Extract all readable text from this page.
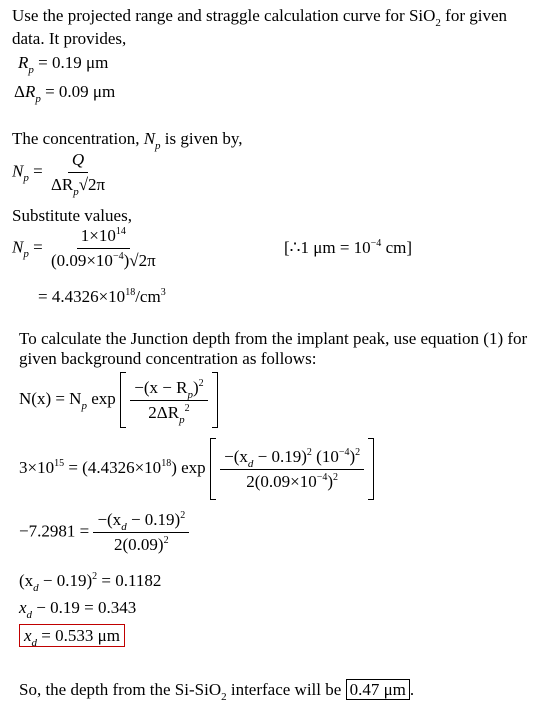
Use the projected range and straggle calculation curve for SiO$_2$ for given
data. It provides,
$R_p = 0.19$ μm
$\Delta R_p = 0.09$ μm
The concentration, $N_p$ is given by,
$N_p = \frac{Q}{\Delta R_p√2\pi}$
Substitute values,
$N_p = \frac{1\times 10^{14}}{(0.09\times 10^{-4})√2\pi}$	[∴1 $\mu m = 10^{-4}$ cm]
= $4.4326\times 10^{18}/cm^3$
To calculate the Junction depth from the implant peak, use equation (1) for
given background concentration as follows:
$N(x) = N_p$ $\exp \frac{-(x - R_p)^2}{2\Delta R_p^2}$

$3\times 10^{15} = (4.4326\times 10^{18})$ $\exp \frac{-(x_d - 0.19)^2 (10^{-4})^2}{2(0.09\times 10^{-4})^2}$

$-7.2981 = \frac{-(x_d - 0.19)^2}{2(0.09)^2}$
$(x_d - 0.19)^2 = 0.1182$
$x_d - 0.19 = 0.343$
$x_d = 0.533$ μm
So, the depth from the Si-SiO$_2$ interface will be 0.47 μm .
